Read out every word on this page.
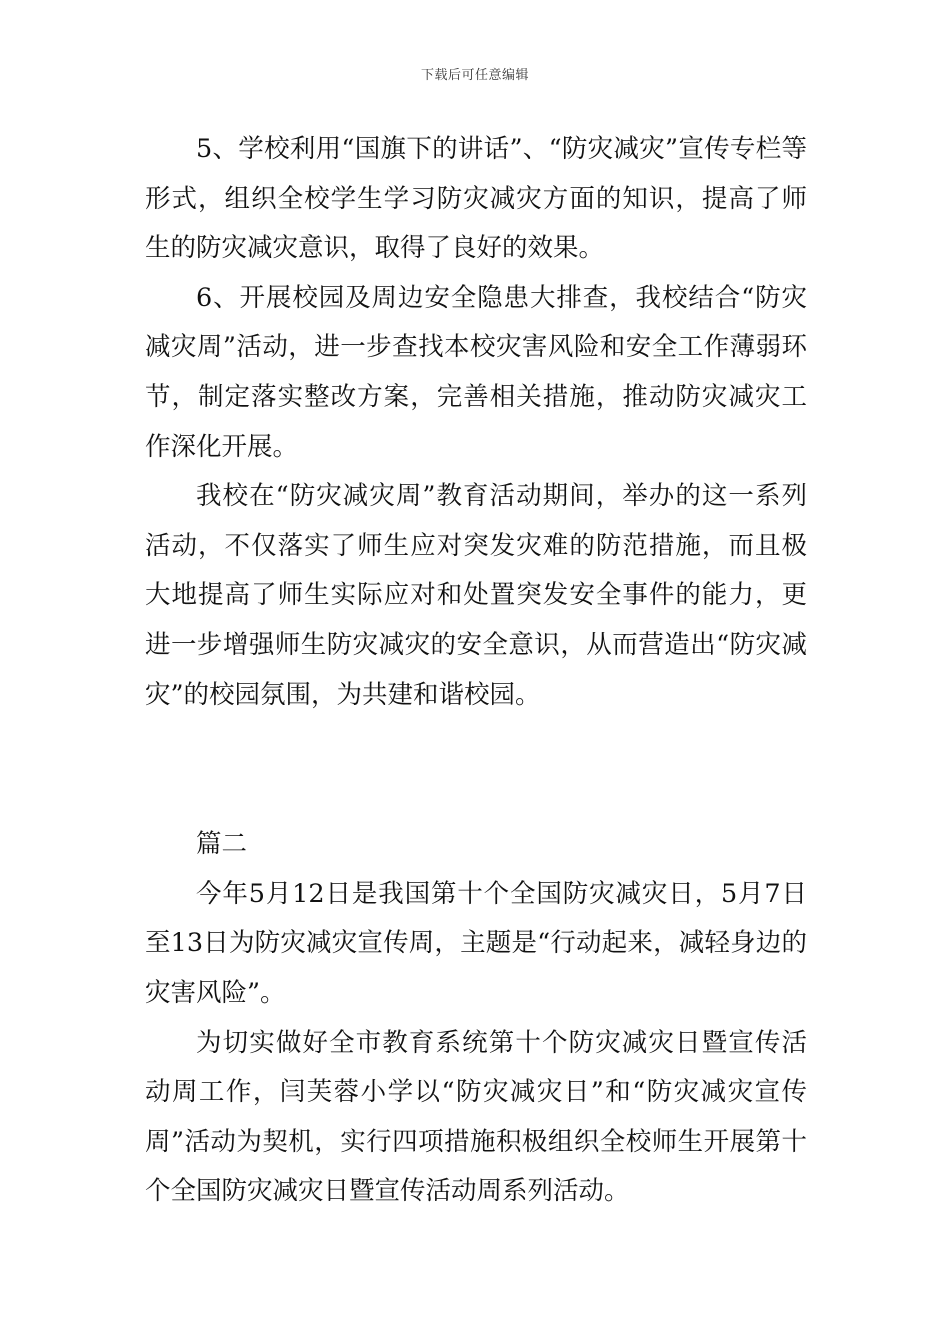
下载后可任意编辑

5、学校利用“国旗下的讲话”、“防灾减灾”宣传专栏等形式，组织全校学生学习防灾减灾方面的知识，提高了师生的防灾减灾意识，取得了良好的效果。

6、开展校园及周边安全隐患大排查，我校结合“防灾减灾周”活动，进一步查找本校灾害风险和安全工作薄弱环节，制定落实整改方案，完善相关措施，推动防灾减灾工作深化开展。

我校在“防灾减灾周”教育活动期间，举办的这一系列活动，不仅落实了师生应对突发灾难的防范措施，而且极大地提高了师生实际应对和处置突发安全事件的能力，更进一步增强师生防灾减灾的安全意识，从而营造出“防灾减灾”的校园氛围，为共建和谐校园。

篇二

今年5月12日是我国第十个全国防灾减灾日，5月7日至13日为防灾减灾宣传周，主题是“行动起来，减轻身边的灾害风险”。

为切实做好全市教育系统第十个防灾减灾日暨宣传活动周工作，闫芙蓉小学以“防灾减灾日”和“防灾减灾宣传周”活动为契机，实行四项措施积极组织全校师生开展第十个全国防灾减灾日暨宣传活动周系列活动。
